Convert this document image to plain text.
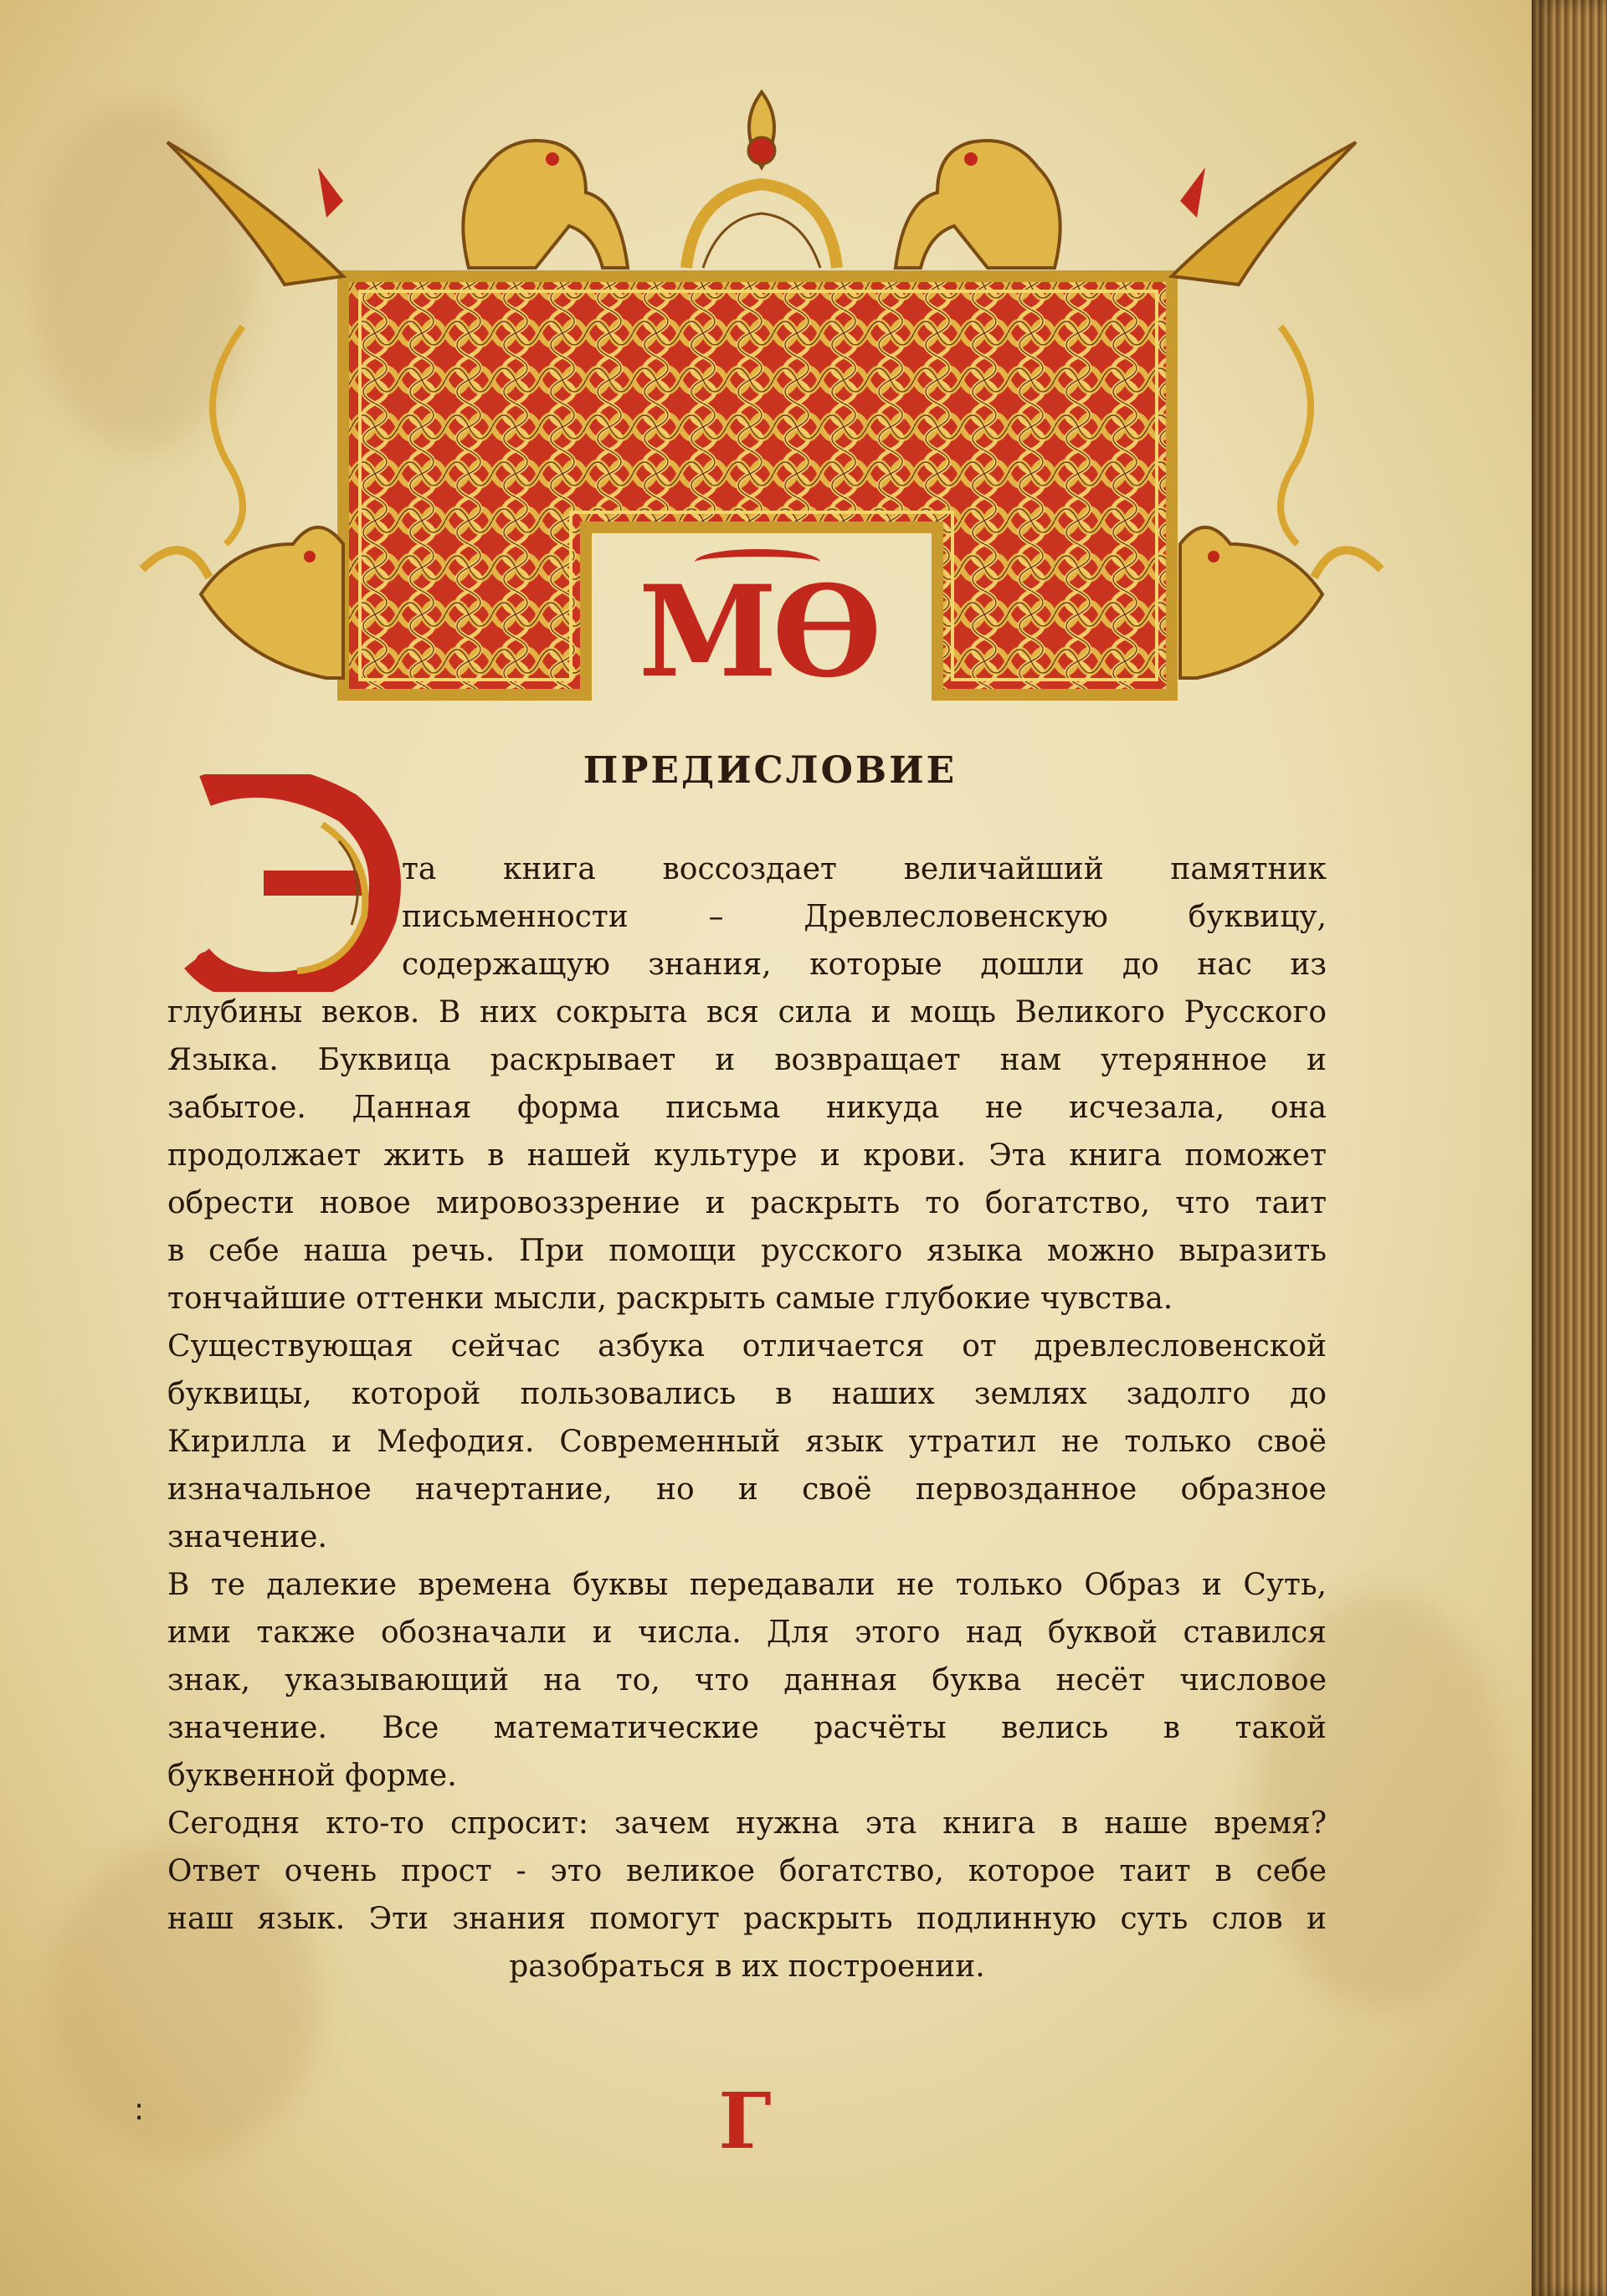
МѲ
ПРЕДИСЛОВИЕ
та книга воссоздает величайший памятник
письменности – Древлесловенскую буквицу,
содержащую знания, которые дошли до нас из
глубины веков. В них сокрыта вся сила и мощь Великого Русского
Языка. Буквица раскрывает и возвращает нам утерянное и
забытое. Данная форма письма никуда не исчезала, она
продолжает жить в нашей культуре и крови. Эта книга поможет
обрести новое мировоззрение и раскрыть то богатство, что таит
в себе наша речь. При помощи русского языка можно выразить
тончайшие оттенки мысли, раскрыть самые глубокие чувства.
Существующая сейчас азбука отличается от древлесловенской
буквицы, которой пользовались в наших землях задолго до
Кирилла и Мефодия. Современный язык утратил не только своё
изначальное начертание, но и своё первозданное образное
значение.
В те далекие времена буквы передавали не только Образ и Суть,
ими также обозначали и числа. Для этого над буквой ставился
знак, указывающий на то, что данная буква несёт числовое
значение. Все математические расчёты велись в такой
буквенной форме.
Сегодня кто-то спросит: зачем нужна эта книга в наше время?
Ответ очень прост - это великое богатство, которое таит в себе
наш язык. Эти знания помогут раскрыть подлинную суть слов и
разобраться в их построении.
:	Г
